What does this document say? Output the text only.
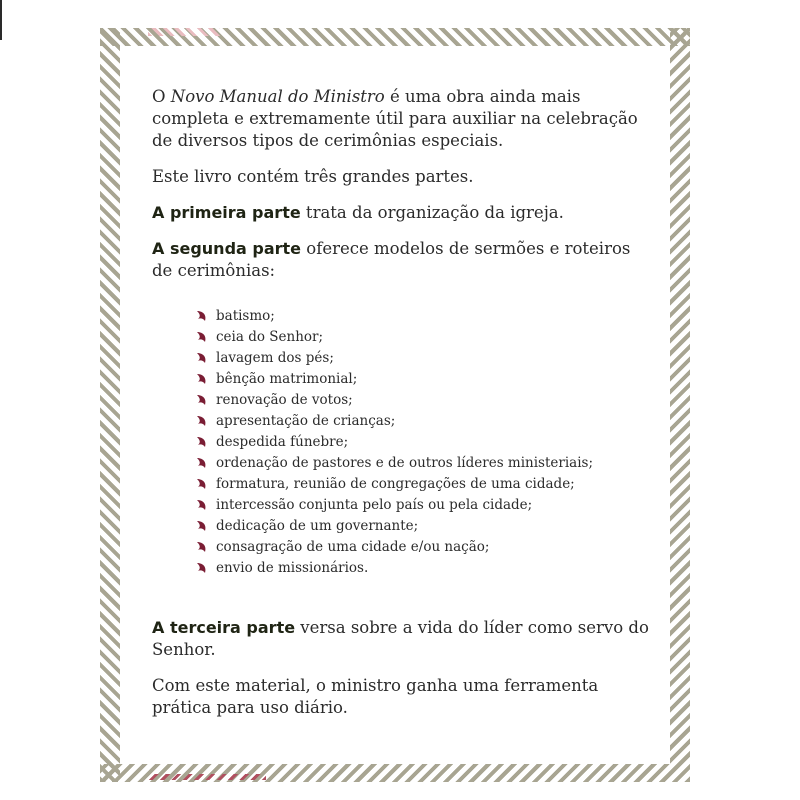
O Novo Manual do Ministro é uma obra ainda mais completa e extremamente útil para auxiliar na celebração de diversos tipos de cerimônias especiais.

Este livro contém três grandes partes.

A primeira parte trata da organização da igreja.

A segunda parte oferece modelos de sermões e roteiros de cerimônias:

batismo;
ceia do Senhor;
lavagem dos pés;
bênção matrimonial;
renovação de votos;
apresentação de crianças;
despedida fúnebre;
ordenação de pastores e de outros líderes ministeriais;
formatura, reunião de congregações de uma cidade;
intercessão conjunta pelo país ou pela cidade;
dedicação de um governante;
consagração de uma cidade e/ou nação;
envio de missionários.

A terceira parte versa sobre a vida do líder como servo do Senhor.

Com este material, o ministro ganha uma ferramenta prática para uso diário.
